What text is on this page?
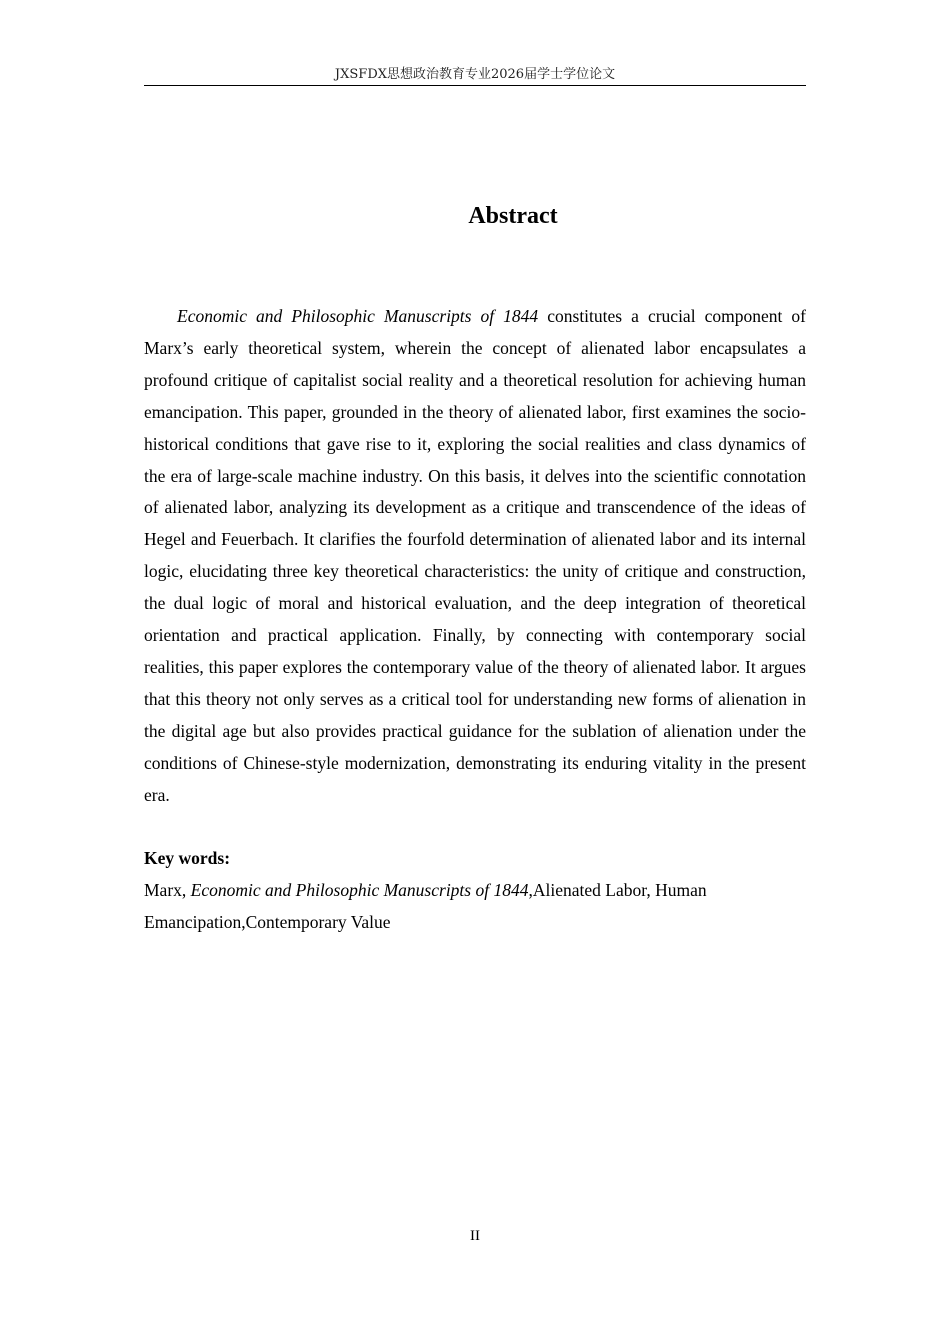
JXSFDX思想政治教育专业2026届学士学位论文
Abstract

Economic and Philosophic Manuscripts of 1844 constitutes a crucial component of Marx’s early theoretical system, wherein the concept of alienated labor encapsulates a profound critique of capitalist social reality and a theoretical resolution for achieving human emancipation. This paper, grounded in the theory of alienated labor, first examines the socio-historical conditions that gave rise to it, exploring the social realities and class dynamics of the era of large-scale machine industry. On this basis, it delves into the scientific connotation of alienated labor, analyzing its development as a critique and transcendence of the ideas of Hegel and Feuerbach. It clarifies the fourfold determination of alienated labor and its internal logic, elucidating three key theoretical characteristics: the unity of critique and construction, the dual logic of moral and historical evaluation, and the deep integration of theoretical orientation and practical application. Finally, by connecting with contemporary social realities, this paper explores the contemporary value of the theory of alienated labor. It argues that this theory not only serves as a critical tool for understanding new forms of alienation in the digital age but also provides practical guidance for the sublation of alienation under the conditions of Chinese-style modernization, demonstrating its enduring vitality in the present era.

Key words:

Marx, Economic and Philosophic Manuscripts of 1844,Alienated Labor, Human
Emancipation,Contemporary Value

II
